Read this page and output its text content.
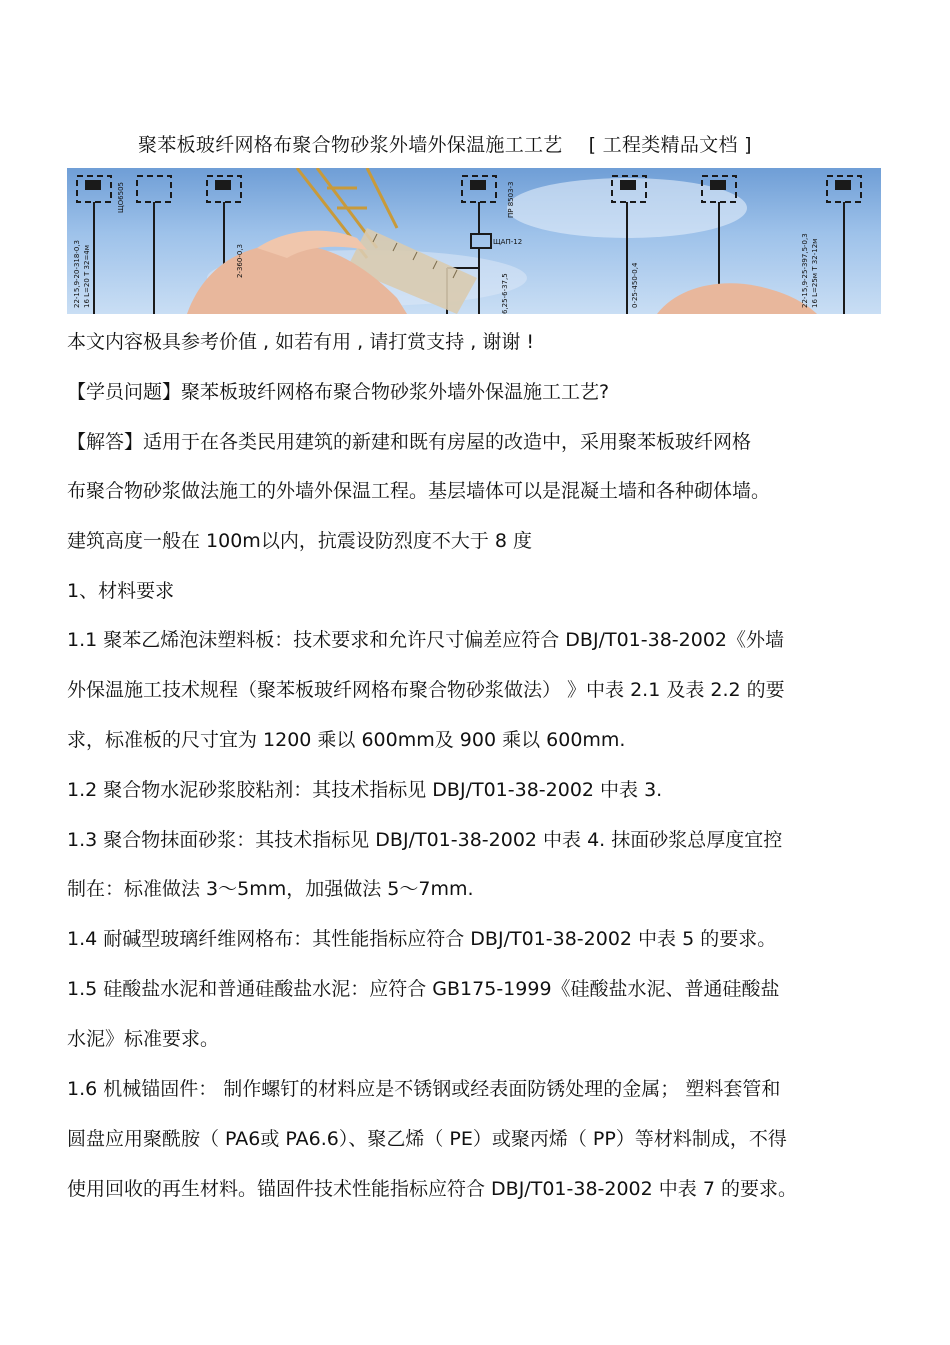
聚苯板玻纤网格布聚合物砂浆外墙外保温施工工艺 [ 工程类精品文档 ]
ЩАП-12
ПР 8503-3
ЩО6505
2-360-0,3
22-15,9-20-318-0,3 16 L=20 T 32=4м	0-25-450-0,4
6,25-6-37,5	22-15,9-25-397,5-0,3 16 L=25м T 32-12м
本文内容极具参考价值 , 如若有用 , 请打赏支持 , 谢谢 !
【学员问题】聚苯板玻纤网格布聚合物砂浆外墙外保温施工工艺?
【解答】适用于在各类民用建筑的新建和既有房屋的改造中，采用聚苯板玻纤网格
布聚合物砂浆做法施工的外墙外保温工程。基层墙体可以是混凝土墙和各种砌体墙。
建筑高度一般在 100m以内，抗震设防烈度不大于 8 度
1、材料要求
1.1 聚苯乙烯泡沫塑料板：技术要求和允许尺寸偏差应符合 DBJ/T01-38-2002《外墙
外保温施工技术规程（聚苯板玻纤网格布聚合物砂浆做法） 》中表 2.1 及表 2.2 的要
求，标准板的尺寸宜为 1200 乘以 600mm及 900 乘以 600mm.
1.2 聚合物水泥砂浆胶粘剂：其技术指标见 DBJ/T01-38-2002 中表 3.
1.3 聚合物抹面砂浆：其技术指标见 DBJ/T01-38-2002 中表 4. 抹面砂浆总厚度宜控
制在：标准做法 3～5mm，加强做法 5～7mm.
1.4 耐碱型玻璃纤维网格布：其性能指标应符合 DBJ/T01-38-2002 中表 5 的要求。
1.5 硅酸盐水泥和普通硅酸盐水泥：应符合 GB175-1999《硅酸盐水泥、普通硅酸盐
水泥》标准要求。
1.6 机械锚固件： 制作螺钉的材料应是不锈钢或经表面防锈处理的金属； 塑料套管和
圆盘应用聚酰胺（ PA6或 PA6.6）、聚乙烯（ PE）或聚丙烯（ PP）等材料制成，不得
使用回收的再生材料。锚固件技术性能指标应符合 DBJ/T01-38-2002 中表 7 的要求。
